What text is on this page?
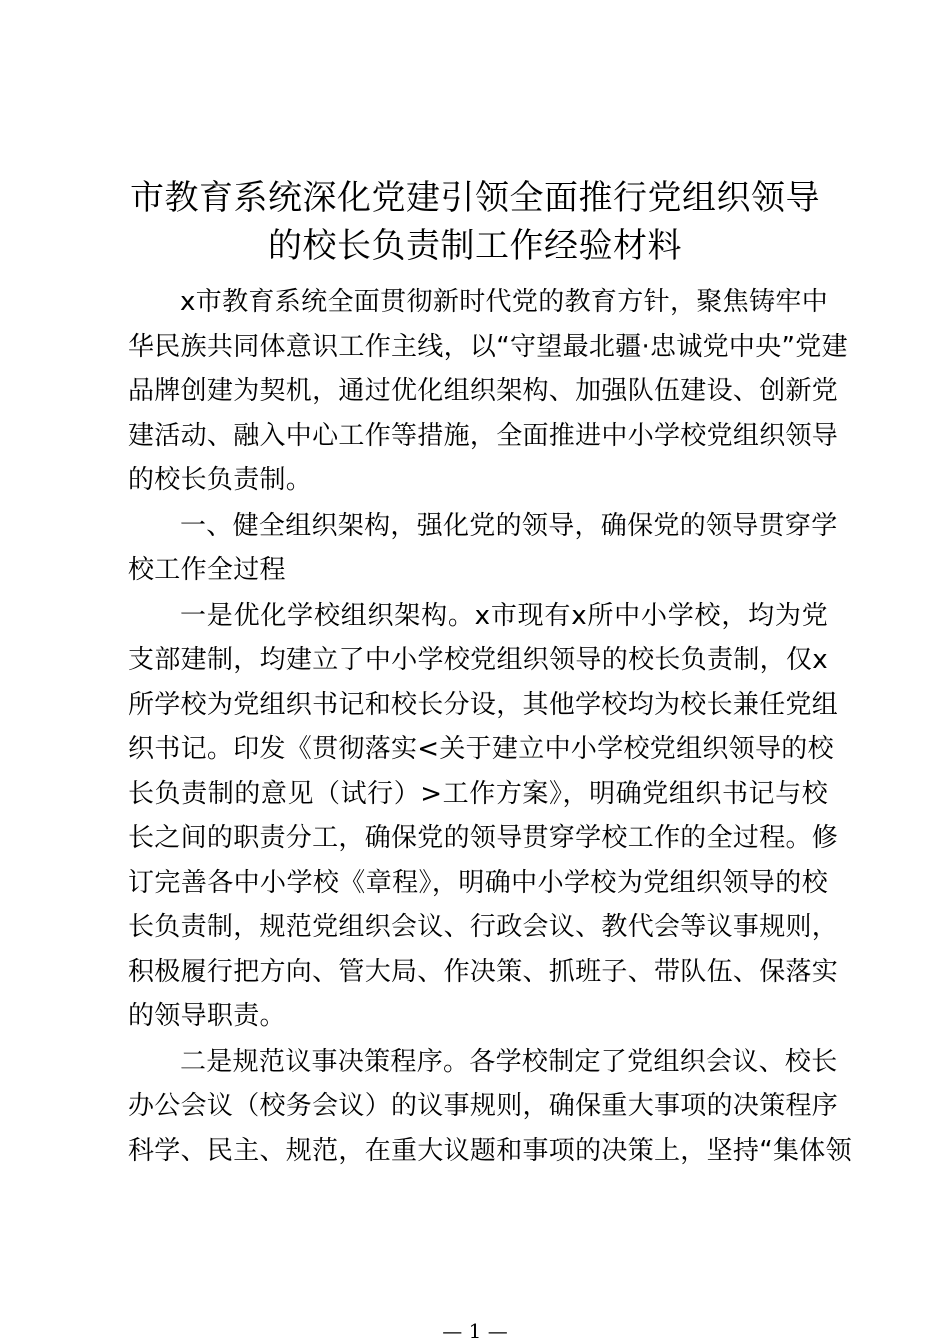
市教育系统深化党建引领全面推行党组织领导
的校长负责制工作经验材料
x市教育系统全面贯彻新时代党的教育方针，聚焦铸牢中
华民族共同体意识工作主线，以“守望最北疆·忠诚党中央”党建
品牌创建为契机，通过优化组织架构、加强队伍建设、创新党
建活动、融入中心工作等措施，全面推进中小学校党组织领导
的校长负责制。
一、健全组织架构，强化党的领导，确保党的领导贯穿学
校工作全过程
一是优化学校组织架构。x市现有x所中小学校，均为党
支部建制，均建立了中小学校党组织领导的校长负责制，仅x
所学校为党组织书记和校长分设，其他学校均为校长兼任党组
织书记。印发《贯彻落实<关于建立中小学校党组织领导的校
长负责制的意见（试行）>工作方案》，明确党组织书记与校
长之间的职责分工，确保党的领导贯穿学校工作的全过程。修
订完善各中小学校《章程》，明确中小学校为党组织领导的校
长负责制，规范党组织会议、行政会议、教代会等议事规则，
积极履行把方向、管大局、作决策、抓班子、带队伍、保落实
的领导职责。
二是规范议事决策程序。各学校制定了党组织会议、校长
办公会议（校务会议）的议事规则，确保重大事项的决策程序
科学、民主、规范，在重大议题和事项的决策上，坚持“集体领
— 1 —
